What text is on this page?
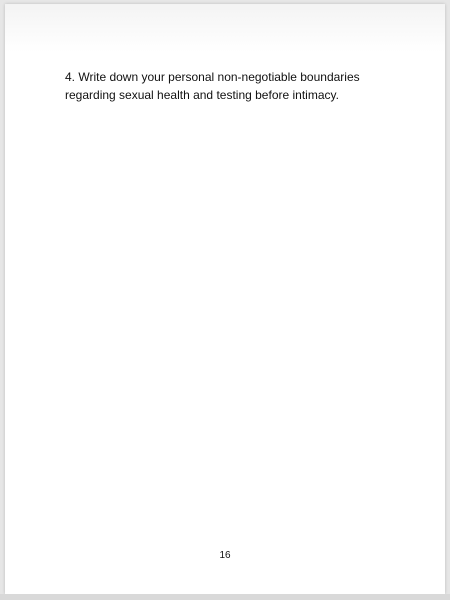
4. Write down your personal non-negotiable boundaries
regarding sexual health and testing before intimacy.

16
